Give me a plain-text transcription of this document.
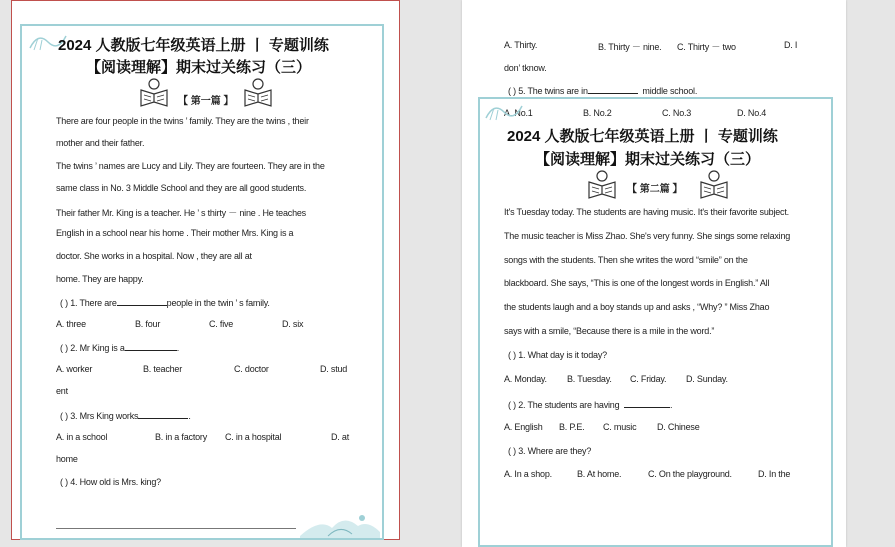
2024 人教版七年级英语上册 丨 专题训练
【阅读理解】期末过关练习（三）
【 第一篇 】
There are four people in the twins ’ family. They are the twins , their
mother and their father.
The twins ’ names are Lucy and Lily. They are fourteen. They are in the
same class in No. 3 Middle School and they are all good students.
Their father Mr. King is a teacher. He ’ s thirty － nine . He teaches
English in a school near his home . Their mother Mrs. King is a
doctor. She works in a hospital. Now , they are all at
home. They are happy.
( ) 1. There are	people in the twin ’ s family.
A. three	B. four	C. five	D. six
( ) 2. Mr King is a	.
A. worker	B. teacher	C. doctor	D. stud
ent
( ) 3. Mrs King works	.
A. in a school	B. in a factory C. in a hospital	D. at
home
( ) 4. How old is Mrs. king?
A. Thirty.	B. Thirty － nine. C. Thirty － two	D. I
don’ tknow.
( ) 5. The twins are in	middle school.
A. No.1	B. No.2	C. No.3	D. No.4
2024 人教版七年级英语上册 丨 专题训练
【阅读理解】期末过关练习（三）
【 第二篇 】
It's Tuesday today. The students are having music. It's their favorite subject.
The music teacher is Miss Zhao. She's very funny. She sings some relaxing
songs with the students. Then she writes the word “smile” on the
blackboard. She says, “This is one of the longest words in English.” All
the students laugh and a boy stands up and asks , “Why? ” Miss Zhao
says with a smile, “Because there is a mile in the word.”
( ) 1. What day is it today?
A. Monday. B. Tuesday. C. Friday. D. Sunday.
( ) 2. The students are having	.
A. English B. P.E. C. music D. Chinese
( ) 3. Where are they?
A. In a shop.	B. At home.	C. On the playground.	D. In the
